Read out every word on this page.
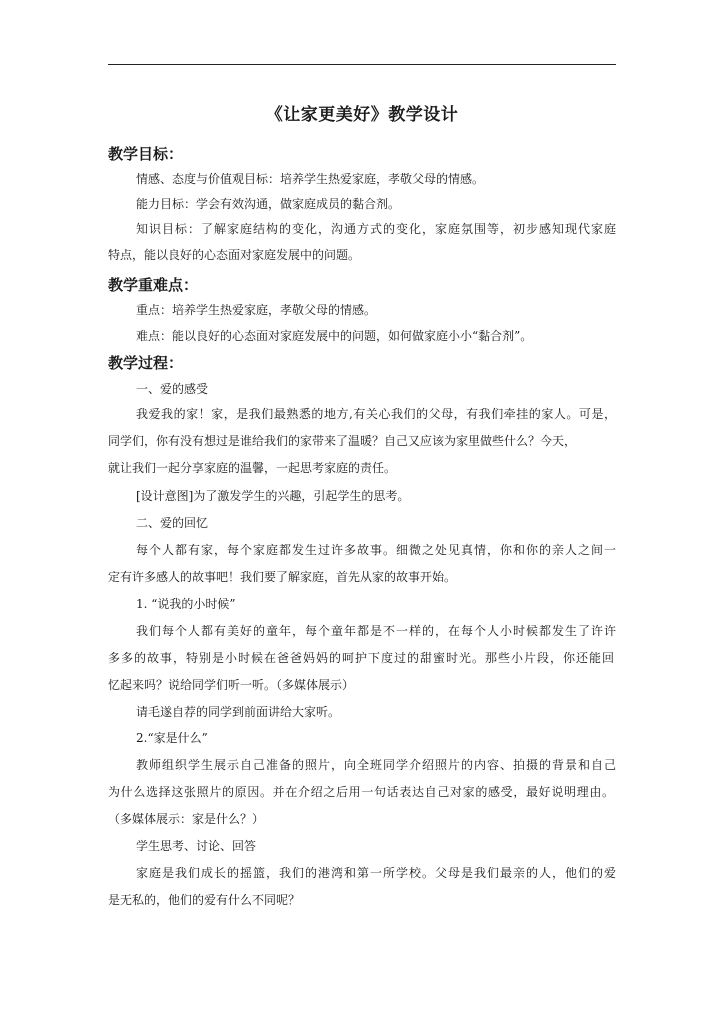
《让家更美好》教学设计
教学目标：

情感、态度与价值观目标：培养学生热爱家庭，孝敬父母的情感。

能力目标：学会有效沟通，做家庭成员的黏合剂。

知识目标：了解家庭结构的变化，沟通方式的变化，家庭氛围等，初步感知现代家庭

特点，能以良好的心态面对家庭发展中的问题。

教学重难点：

重点：培养学生热爱家庭，孝敬父母的情感。

难点：能以良好的心态面对家庭发展中的问题，如何做家庭小小“黏合剂”。

教学过程：

一、爱的感受

我爱我的家！家，是我们最熟悉的地方,有关心我们的父母，有我们牵挂的家人。可是，

同学们，你有没有想过是谁给我们的家带来了温暖？自己又应该为家里做些什么？今天，

就让我们一起分享家庭的温馨，一起思考家庭的责任。

[设计意图]为了激发学生的兴趣，引起学生的思考。

二、爱的回忆

每个人都有家，每个家庭都发生过许多故事。细微之处见真情，你和你的亲人之间一

定有许多感人的故事吧！我们要了解家庭，首先从家的故事开始。

1. “说我的小时候”

我们每个人都有美好的童年，每个童年都是不一样的，在每个人小时候都发生了许许

多多的故事，特别是小时候在爸爸妈妈的呵护下度过的甜蜜时光。那些小片段，你还能回

忆起来吗？说给同学们听一听。（多媒体展示）

请毛遂自荐的同学到前面讲给大家听。

2.“家是什么”

教师组织学生展示自己准备的照片，向全班同学介绍照片的内容、拍摄的背景和自己

为什么选择这张照片的原因。并在介绍之后用一句话表达自己对家的感受，最好说明理由。

（多媒体展示：家是什么？）

学生思考、讨论、回答

家庭是我们成长的摇篮，我们的港湾和第一所学校。父母是我们最亲的人，他们的爱

是无私的，他们的爱有什么不同呢？
